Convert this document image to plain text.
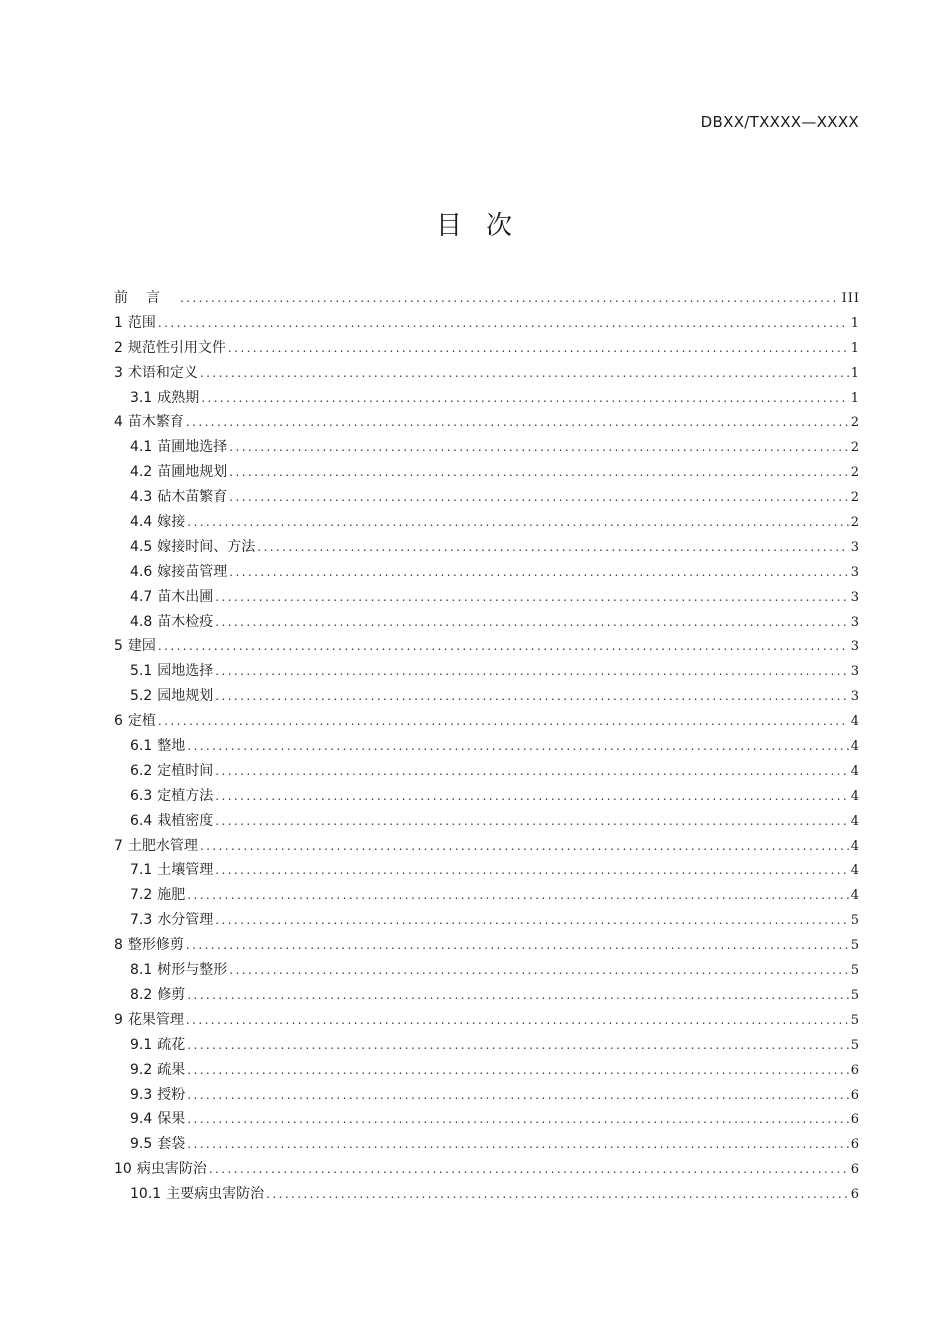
DBXX/TXXXX—XXXX
目 次
前言 .....	III
1 范围 .....	1
2 规范性引用文件 .....	1
3 术语和定义 .....	1
3.1 成熟期 .....	1
4 苗木繁育 .....	2
4.1 苗圃地选择 .....	2
4.2 苗圃地规划 .....	2
4.3 砧木苗繁育 .....	2
4.4 嫁接 .....	2
4.5 嫁接时间、方法 .....	3
4.6 嫁接苗管理 .....	3
4.7 苗木出圃 .....	3
4.8 苗木检疫 .....	3
5 建园 .....	3
5.1 园地选择 .....	3
5.2 园地规划 .....	3
6 定植 .....	4
6.1 整地 .....	4
6.2 定植时间 .....	4
6.3 定植方法 .....	4
6.4 栽植密度 .....	4
7 土肥水管理 .....	4
7.1 土壤管理 .....	4
7.2 施肥 .....	4
7.3 水分管理 .....	5
8 整形修剪 .....	5
8.1 树形与整形 .....	5
8.2 修剪 .....	5
9 花果管理 .....	5
9.1 疏花 .....	5
9.2 疏果 .....	6
9.3 授粉 .....	6
9.4 保果 .....	6
9.5 套袋 .....	6
10 病虫害防治 .....	6
10.1 主要病虫害防治 .....	6
